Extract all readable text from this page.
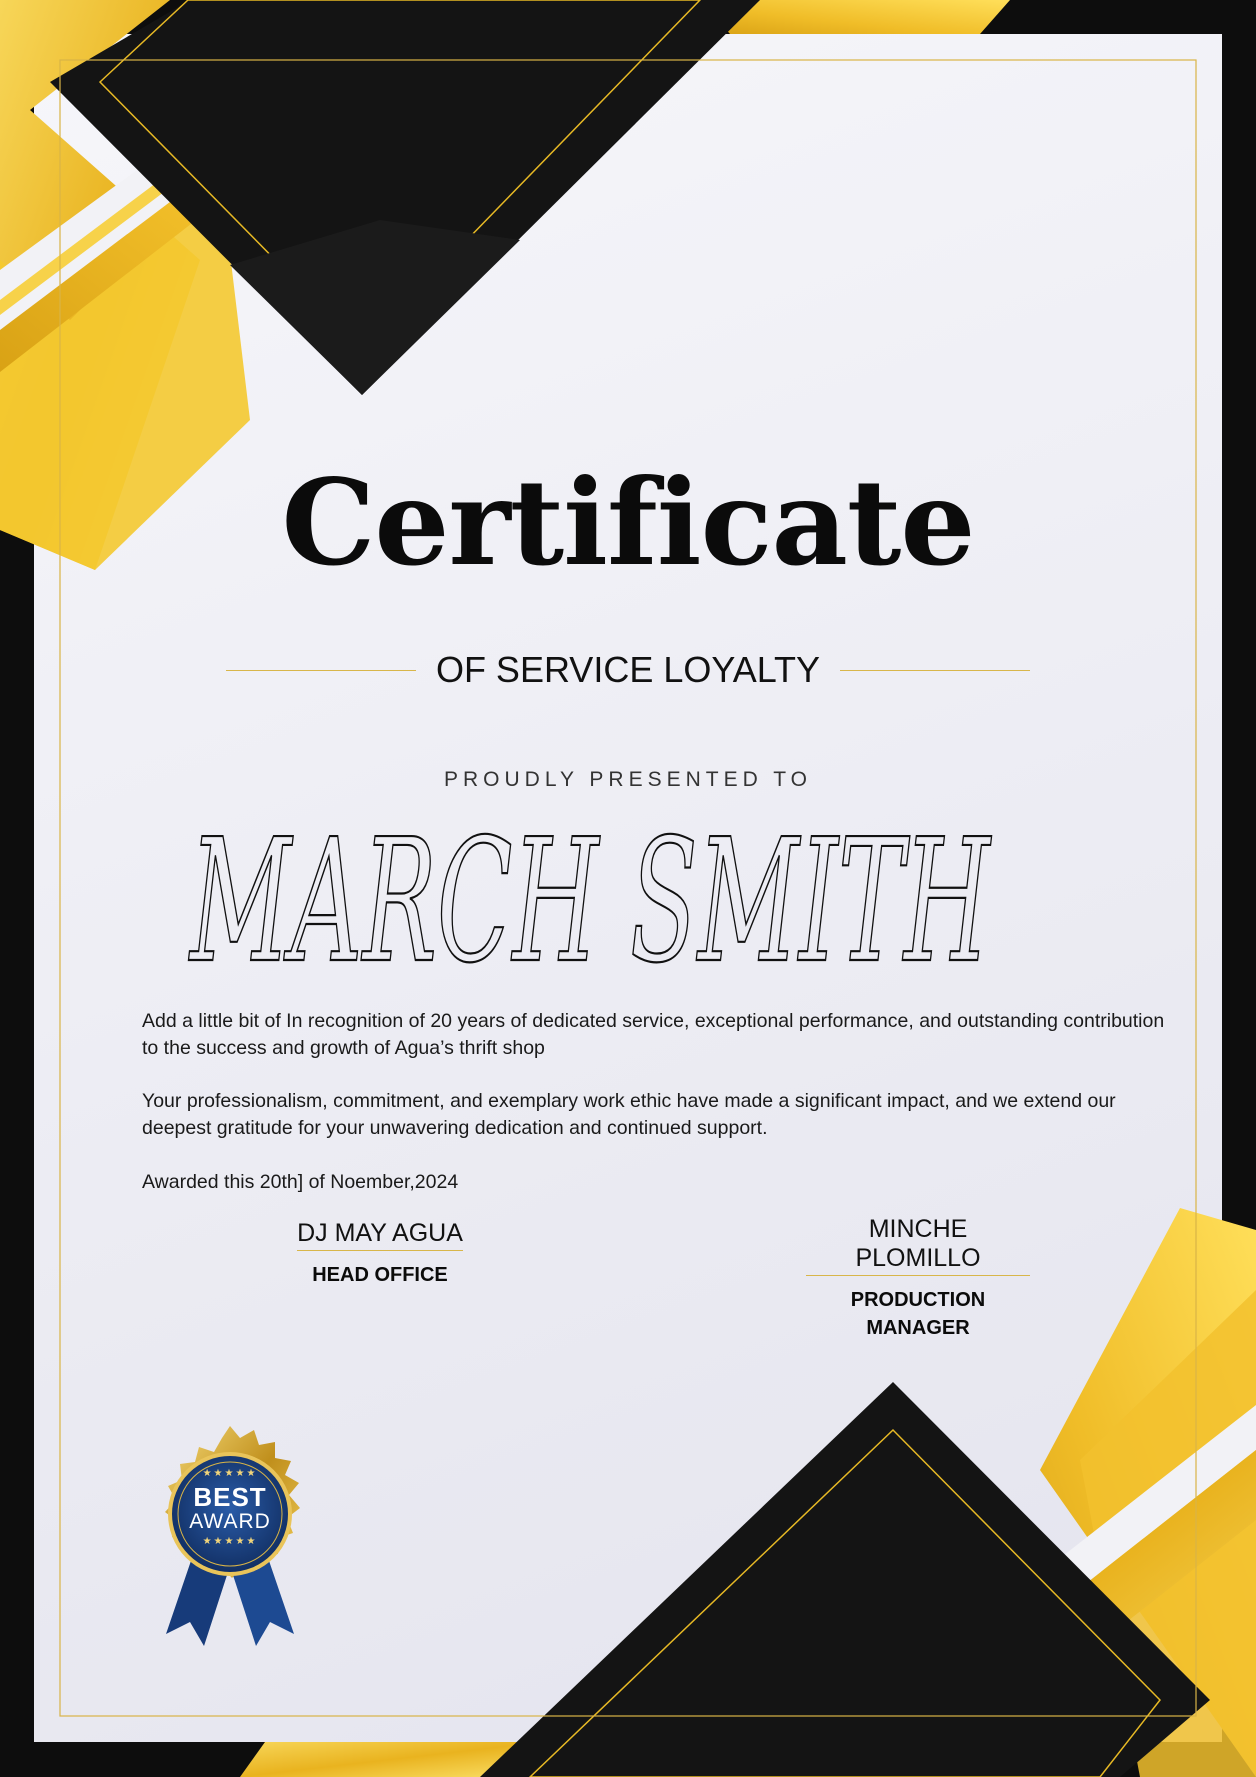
Certificate
OF SERVICE LOYALTY
PROUDLY PRESENTED TO
MARCH SMITH

Add a little bit of In recognition of 20 years of dedicated service, exceptional performance, and outstanding contribution to the success and growth of Agua’s thrift shop

Your professionalism, commitment, and exemplary work ethic have made a significant impact, and we extend our deepest gratitude for your unwavering dedication and continued support.

Awarded this 20th] of Noember,2024

DJ MAY AGUA
HEAD OFFICE
MINCHE PLOMILLO
PRODUCTION MANAGER
BEST
AWARD
★★★★★
★★★★★
